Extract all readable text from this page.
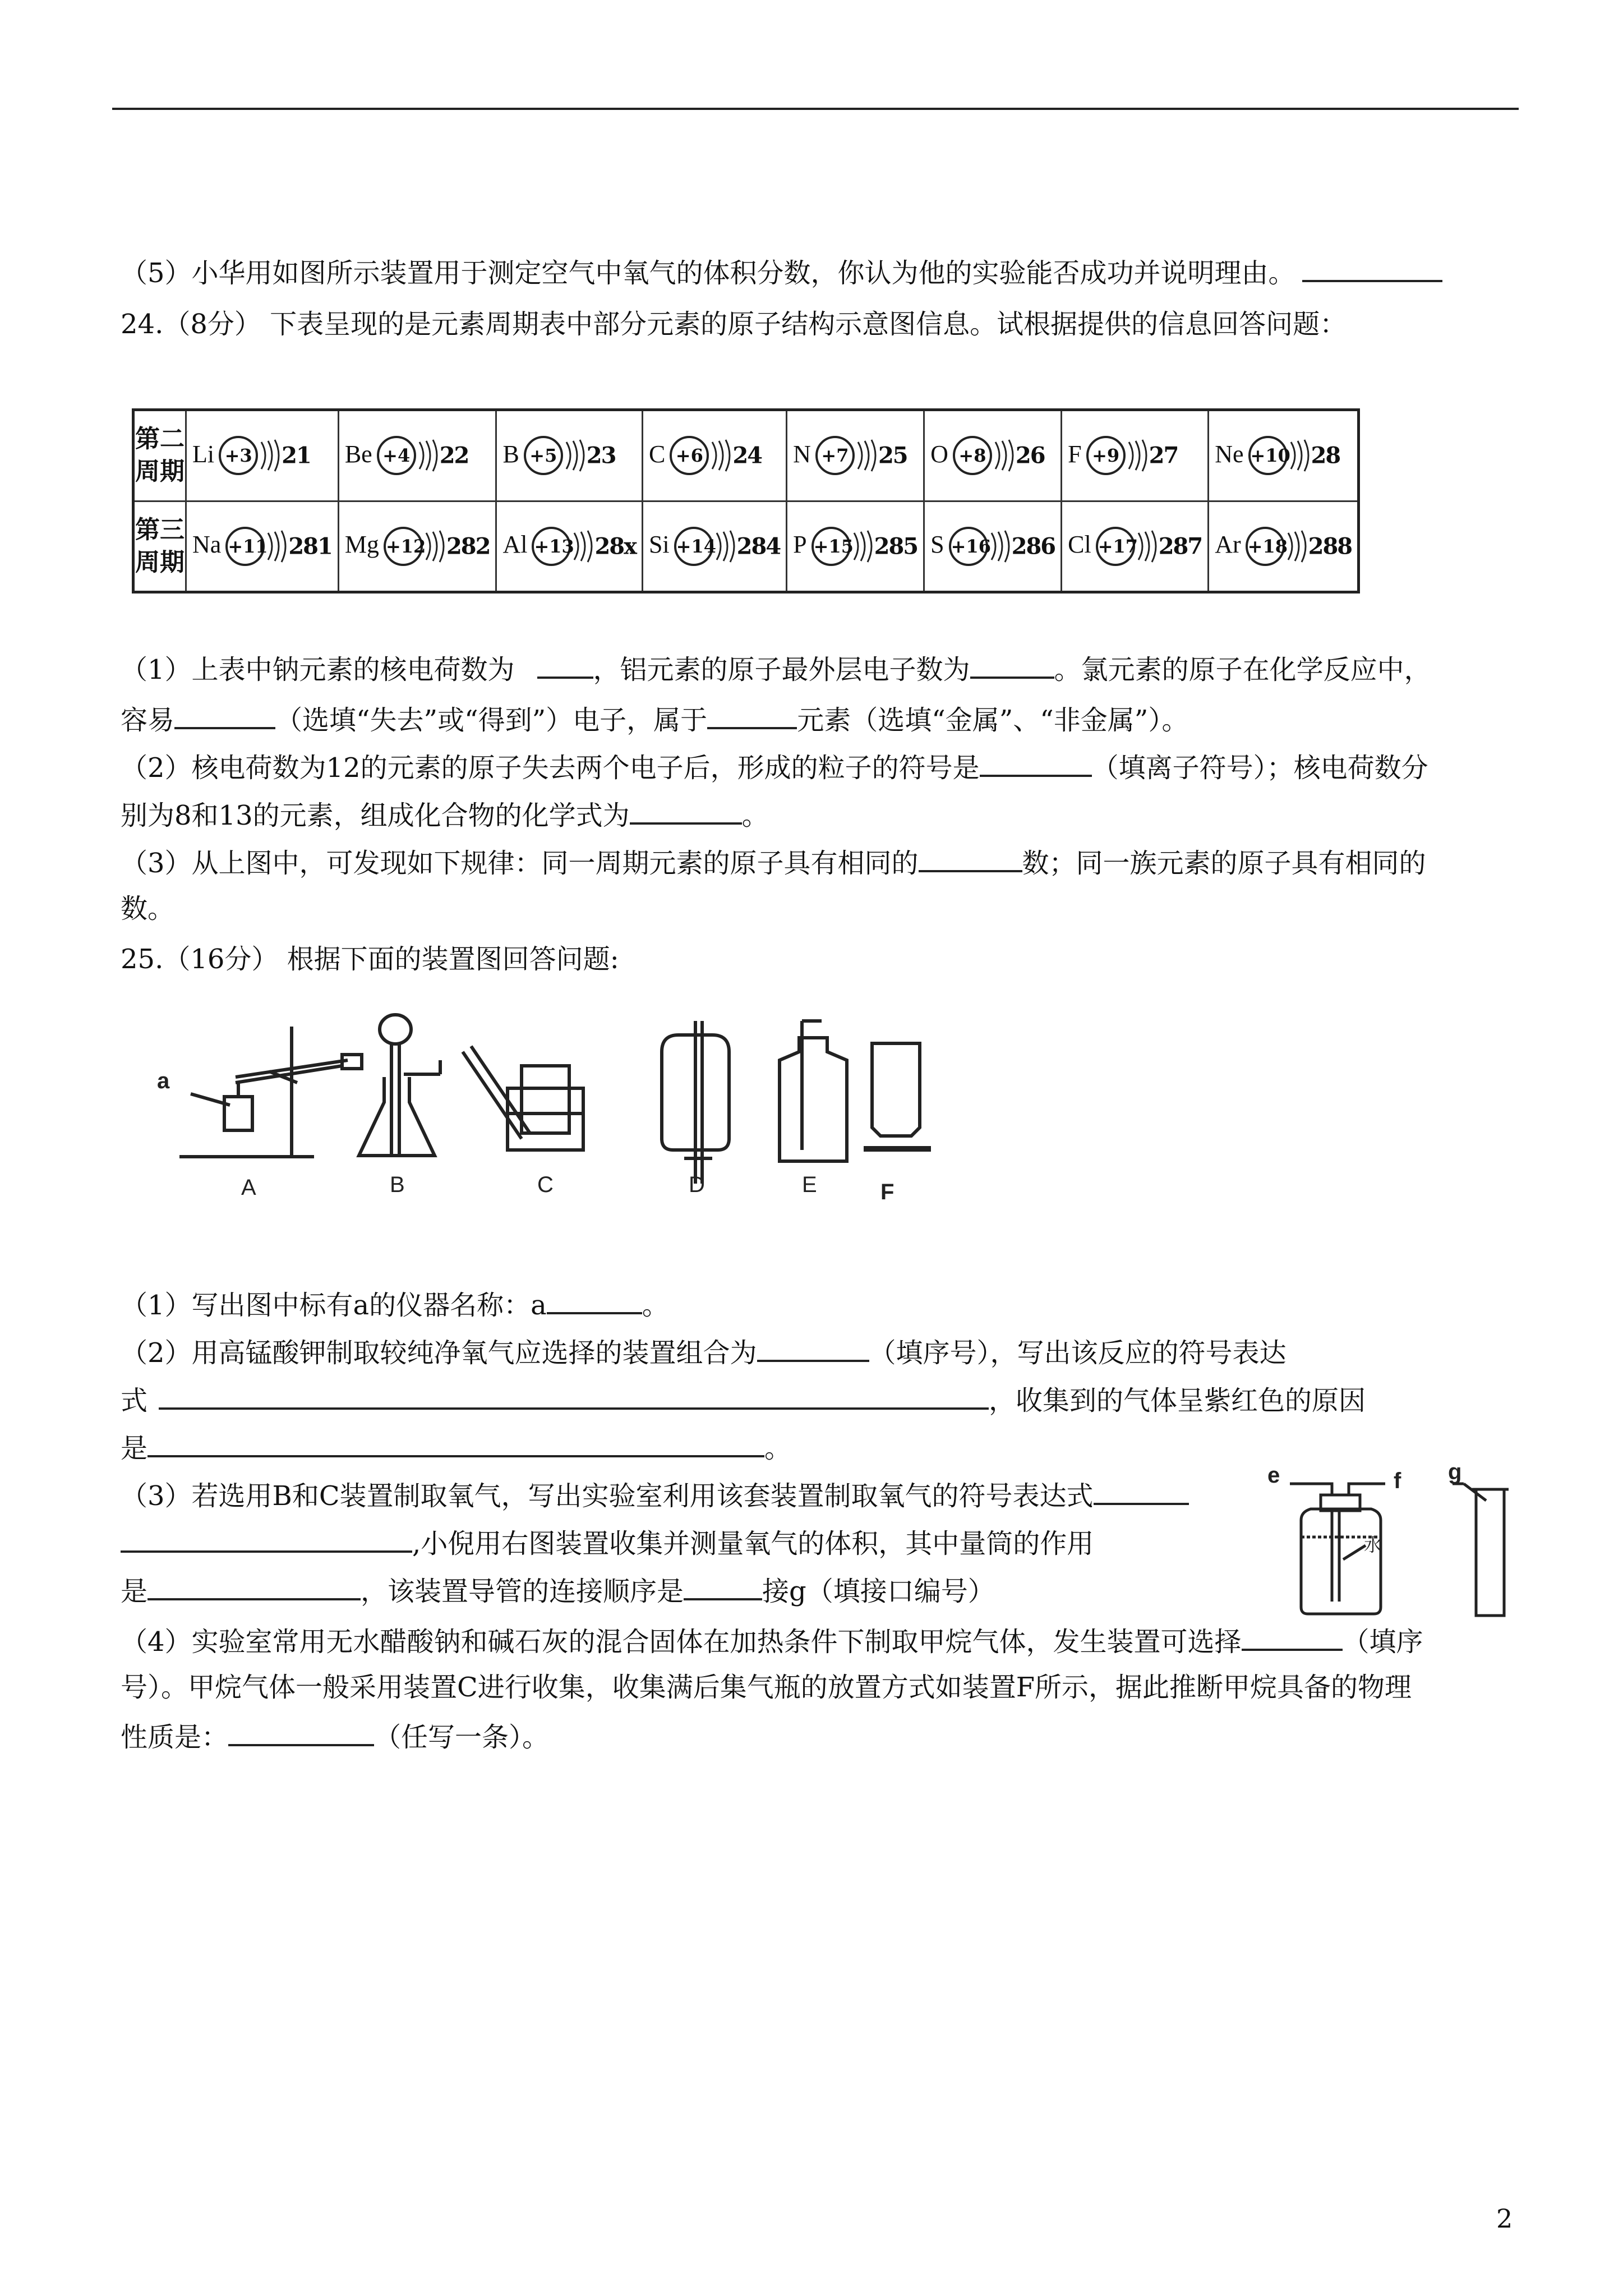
（5）小华用如图所示装置用于测定空气中氧气的体积分数，你认为他的实验能否成功并说明理由。
24.（8分） 下表呈现的是元素周期表中部分元素的原子结构示意图信息。试根据提供的信息回答问题：
第二周期	Li +3 21	Be +4 22	B +5 23	C +6 24	N +7 25	O +8 26	F +9 27	Ne +10 28
第三周期	Na +11 281	Mg +12 282	Al +13 28x	Si +14 284	P +15 285	S +16 286	Cl +17 287	Ar +18 288
（1）上表中钠元素的核电荷数为	，铝元素的原子最外层电子数为	。氯元素的原子在化学反应中，
容易	（选填“失去”或“得到”）电子，属于	元素（选填“金属”、“非金属”）。
（2）核电荷数为12的元素的原子失去两个电子后，形成的粒子的符号是	（填离子符号）；核电荷数分
别为8和13的元素，组成化合物的化学式为	。
（3）从上图中，可发现如下规律：同一周期元素的原子具有相同的	数；同一族元素的原子具有相同的
数。
25.（16分） 根据下面的装置图回答问题:
a
A	B	C	D	E	F
（1）写出图中标有a的仪器名称：a	。
（2）用高锰酸钾制取较纯净氧气应选择的装置组合为	（填序号），写出该反应的符号表达
式	，收集到的气体呈紫红色的原因
是	。
（3）若选用B和C装置制取氧气，写出实验室利用该套装置制取氧气的符号表达式
,小倪用右图装置收集并测量氧气的体积，其中量筒的作用
是	，该装置导管的连接顺序是	接g（填接口编号）
e	f g
水
（4）实验室常用无水醋酸钠和碱石灰的混合固体在加热条件下制取甲烷气体，发生装置可选择	（填序
号）。甲烷气体一般采用装置C进行收集，收集满后集气瓶的放置方式如装置F所示，据此推断甲烷具备的物理
性质是：	（任写一条）。
2
